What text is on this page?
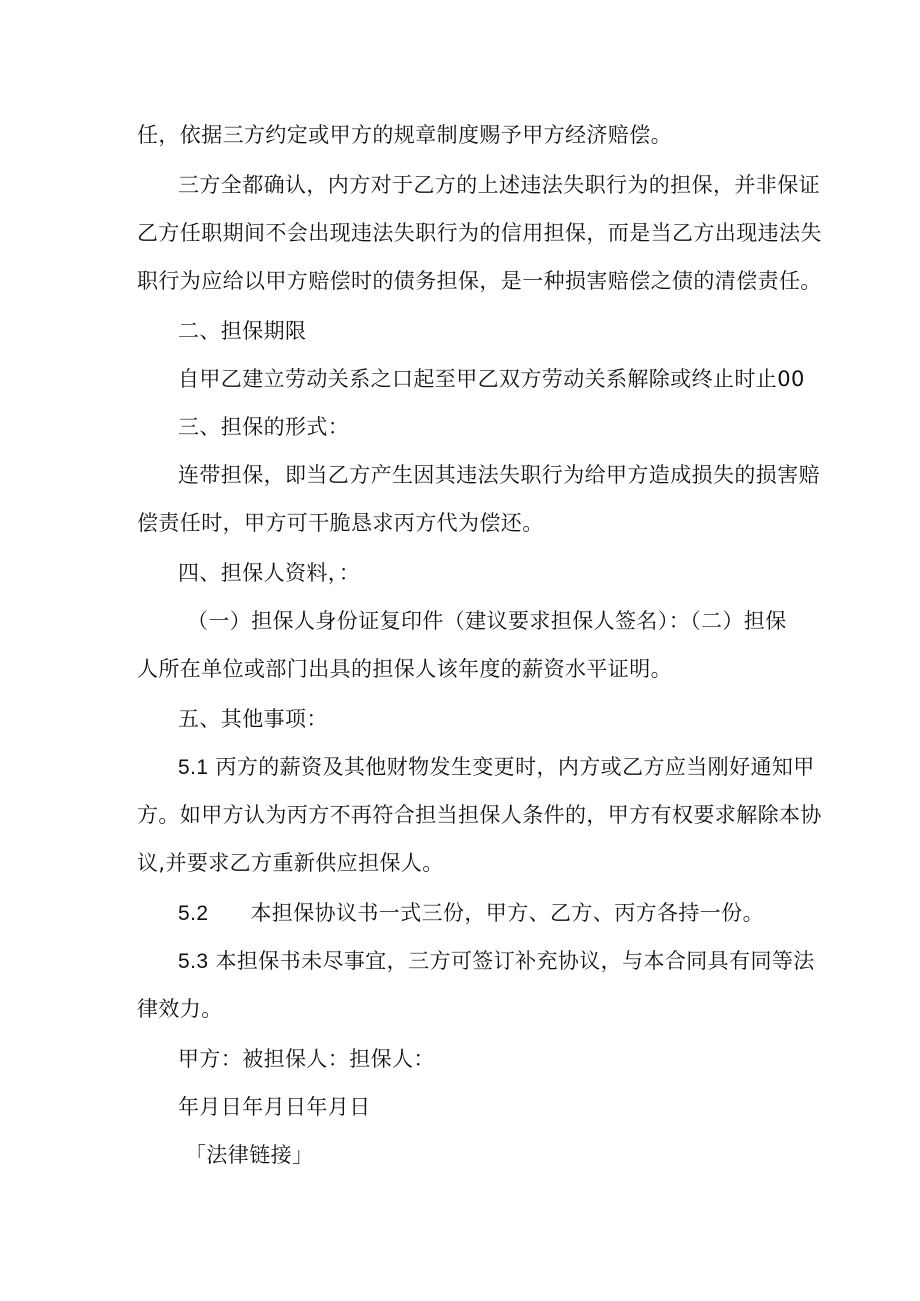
任，依据三方约定或甲方的规章制度赐予甲方经济赔偿。
三方全都确认，内方对于乙方的上述违法失职行为的担保，并非保证
乙方任职期间不会出现违法失职行为的信用担保，而是当乙方出现违法失
职行为应给以甲方赔偿时的债务担保，是一种损害赔偿之债的清偿责任。
二、担保期限
自甲乙建立劳动关系之口起至甲乙双方劳动关系解除或终止时止00
三、担保的形式：
连带担保，即当乙方产生因其违法失职行为给甲方造成损失的损害赔
偿责任时，甲方可干脆恳求丙方代为偿还。
四、担保人资料，：
（一）担保人身份证复印件（建议要求担保人签名）：（二）担保
人所在单位或部门出具的担保人该年度的薪资水平证明。
五、其他事项：
5.1 丙方的薪资及其他财物发生变更时，内方或乙方应当刚好通知甲
方。如甲方认为丙方不再符合担当担保人条件的，甲方有权要求解除本协
议,并要求乙方重新供应担保人。
5.2 本担保协议书一式三份，甲方、乙方、丙方各持一份。
5.3 本担保书未尽事宜，三方可签订补充协议，与本合同具有同等法
律效力。
甲方：被担保人：担保人：
年月日年月日年月日
「法律链接」
